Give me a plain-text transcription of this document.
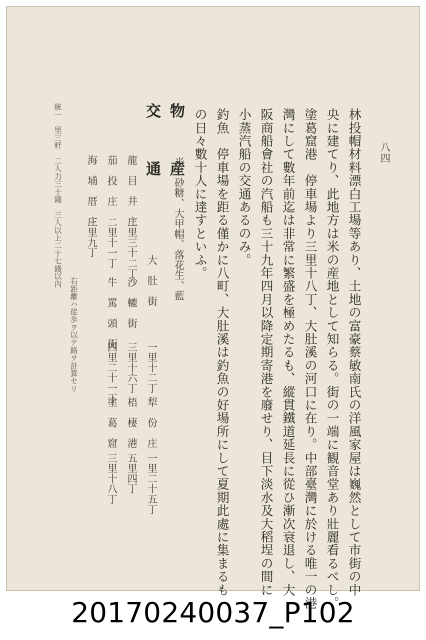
八四
林投帽材料漂白工場等あり、土地の富豪蔡敏南氏の洋風家屋は巍然として市街の中
央に建てり、此地方は米の産地として知らる。街の一端に観音堂あり壯麗看るべし。
塗葛窟港　停車場より三里十八丁、大肚溪の河口に在り。中部臺灣に於ける唯一の港
灣にして數年前迄は非常に繁盛を極めたるも、縱貫鐵道延長に從ひ漸次衰退し、大
阪商船會社の汽船も三十九年四月以降定期寄港を廢せり、目下淡水及大稻埕の間に
小蒸汽船の交通あるのみ。
釣魚　停車場を距る僅かに八町、大肚溪は釣魚の好場所にして夏期此處に集まるも
の日々數十人に達すといふ。
物　産
米、砂糖、大甲帽、落花生、藍
交　通
大　肚　街
一里十二丁
犁　份　庄
一里二十五丁
龍　目　井　庄
二里三十二丁
沙　轆　街
三里十六丁
梧　棲　港
五里四丁
茄　投　庄
二里十一丁
牛　罵　頭　街
四里二十一丁
塗　葛　窟
三里十八丁
海　埔　厝　庄
三里九丁
右距離ハ徒歩ヲ以テ路ヲ計算セリ
統一　里三粁　二人力三十錢　三人以上二十七錢以內
20170240037_P102
